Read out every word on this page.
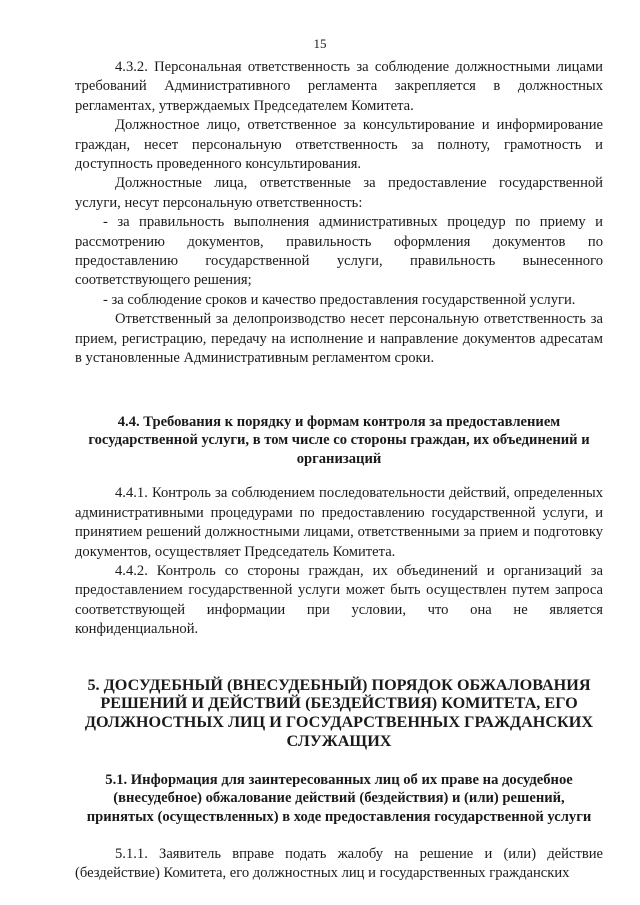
15

4.3.2. Персональная ответственность за соблюдение должностными лицами требований Административного регламента закрепляется в должностных регламентах, утверждаемых Председателем Комитета.

Должностное лицо, ответственное за консультирование и информирование граждан, несет персональную ответственность за полноту, грамотность и доступность проведенного консультирования.

Должностные лица, ответственные за предоставление государственной услуги, несут персональную ответственность:

- за правильность выполнения административных процедур по приему и рассмотрению документов, правильность оформления документов по предоставлению государственной услуги, правильность вынесенного соответствующего решения;

- за соблюдение сроков и качество предоставления государственной услуги.

Ответственный за делопроизводство несет персональную ответственность за прием, регистрацию, передачу на исполнение и направление документов адресатам в установленные Административным регламентом сроки.

4.4. Требования к порядку и формам контроля за предоставлением государственной услуги, в том числе со стороны граждан, их объединений и организаций

4.4.1. Контроль за соблюдением последовательности действий, определенных административными процедурами по предоставлению государственной услуги, и принятием решений должностными лицами, ответственными за прием и подготовку документов, осуществляет Председатель Комитета.

4.4.2. Контроль со стороны граждан, их объединений и организаций за предоставлением государственной услуги может быть осуществлен путем запроса соответствующей информации при условии, что она не является конфиденциальной.

5. ДОСУДЕБНЫЙ (ВНЕСУДЕБНЫЙ) ПОРЯДОК ОБЖАЛОВАНИЯ РЕШЕНИЙ И ДЕЙСТВИЙ (БЕЗДЕЙСТВИЯ) КОМИТЕТА, ЕГО ДОЛЖНОСТНЫХ ЛИЦ И ГОСУДАРСТВЕННЫХ ГРАЖДАНСКИХ СЛУЖАЩИХ
5.1. Информация для заинтересованных лиц об их праве на досудебное (внесудебное) обжалование действий (бездействия) и (или) решений, принятых (осуществленных) в ходе предоставления государственной услуги

5.1.1. Заявитель вправе подать жалобу на решение и (или) действие (бездействие) Комитета, его должностных лиц и государственных гражданских
